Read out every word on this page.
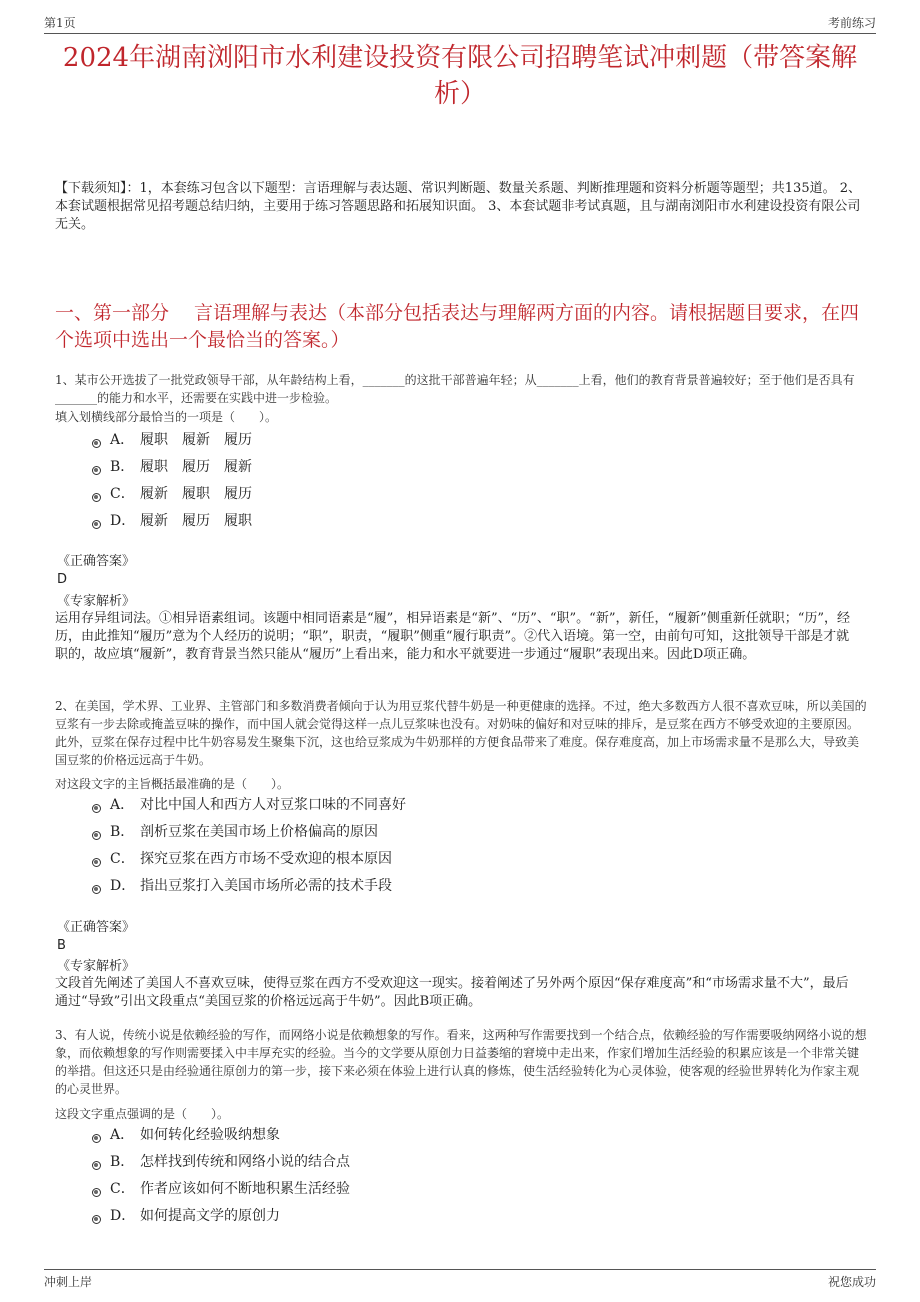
第1页	考前练习
2024年湖南浏阳市水利建设投资有限公司招聘笔试冲刺题（带答案解析）
【下载须知】：1，本套练习包含以下题型：言语理解与表达题、常识判断题、数量关系题、判断推理题和资料分析题等题型；共135道。 2、本套试题根据常见招考题总结归纳，主要用于练习答题思路和拓展知识面。 3、本套试题非考试真题，且与湖南浏阳市水利建设投资有限公司无关。
一、第一部分　 言语理解与表达（本部分包括表达与理解两方面的内容。请根据题目要求，在四个选项中选出一个最恰当的答案。）
1、某市公开选拔了一批党政领导干部，从年龄结构上看，_______的这批干部普遍年轻；从_______上看，他们的教育背景普遍较好；至于他们是否具有_______的能力和水平，还需要在实践中进一步检验。
填入划横线部分最恰当的一项是（　　）。
A． 履职　履新　履历
B． 履职　履历　履新
C． 履新　履职　履历
D． 履新　履历　履职
《正确答案》
D
《专家解析》
运用存异组词法。①相异语素组词。该题中相同语素是“履”，相异语素是“新”、“历”、“职”。“新”，新任，“履新”侧重新任就职；“历”，经历，由此推知“履历”意为个人经历的说明；“职”，职责，“履职”侧重“履行职责”。②代入语境。第一空，由前句可知，这批领导干部是才就职的，故应填“履新”，教育背景当然只能从“履历”上看出来，能力和水平就要进一步通过“履职”表现出来。因此D项正确。
2、在美国，学术界、工业界、主管部门和多数消费者倾向于认为用豆浆代替牛奶是一种更健康的选择。不过，绝大多数西方人很不喜欢豆味，所以美国的豆浆有一步去除或掩盖豆味的操作，而中国人就会觉得这样一点儿豆浆味也没有。对奶味的偏好和对豆味的排斥，是豆浆在西方不够受欢迎的主要原因。此外，豆浆在保存过程中比牛奶容易发生聚集下沉，这也给豆浆成为牛奶那样的方便食品带来了难度。保存难度高，加上市场需求量不是那么大，导致美国豆浆的价格远远高于牛奶。
对这段文字的主旨概括最准确的是（　　）。
A． 对比中国人和西方人对豆浆口味的不同喜好
B． 剖析豆浆在美国市场上价格偏高的原因
C． 探究豆浆在西方市场不受欢迎的根本原因
D． 指出豆浆打入美国市场所必需的技术手段
《正确答案》
B
《专家解析》
文段首先阐述了美国人不喜欢豆味，使得豆浆在西方不受欢迎这一现实。接着阐述了另外两个原因“保存难度高”和“市场需求量不大”，最后通过“导致”引出文段重点“美国豆浆的价格远远高于牛奶”。因此B项正确。
3、有人说，传统小说是依赖经验的写作，而网络小说是依赖想象的写作。看来，这两种写作需要找到一个结合点，依赖经验的写作需要吸纳网络小说的想象，而依赖想象的写作则需要揉入中丰厚充实的经验。当今的文学要从原创力日益萎缩的窘境中走出来，作家们增加生活经验的积累应该是一个非常关键的举措。但这还只是由经验通往原创力的第一步，接下来必须在体验上进行认真的修炼，使生活经验转化为心灵体验，使客观的经验世界转化为作家主观的心灵世界。
这段文字重点强调的是（　　）。
A． 如何转化经验吸纳想象
B． 怎样找到传统和网络小说的结合点
C． 作者应该如何不断地积累生活经验
D． 如何提高文学的原创力
冲刺上岸	祝您成功
